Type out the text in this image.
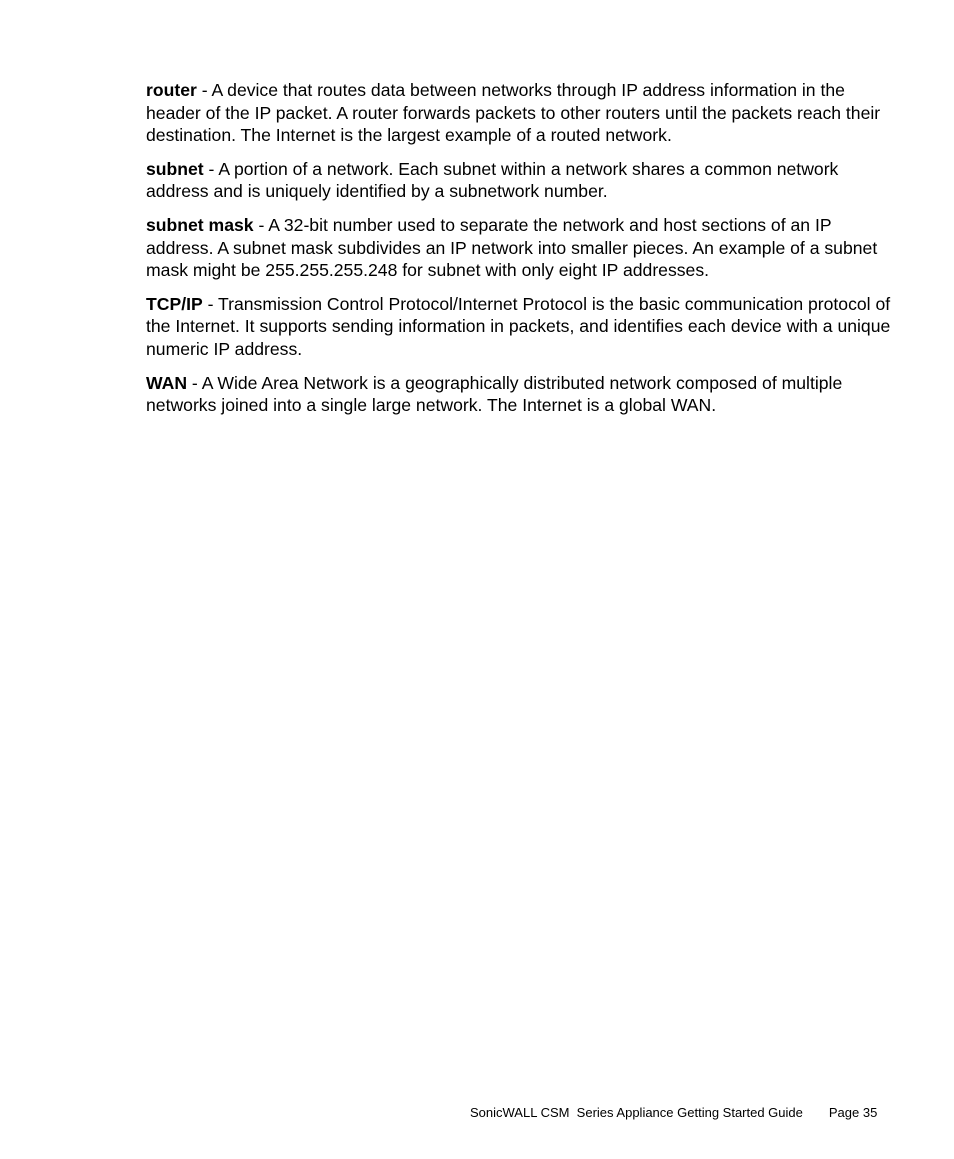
router - A device that routes data between networks through IP address information in the header of the IP packet. A router forwards packets to other routers until the packets reach their destination. The Internet is the largest example of a routed network.

subnet - A portion of a network. Each subnet within a network shares a common network address and is uniquely identified by a subnetwork number.

subnet mask - A 32-bit number used to separate the network and host sections of an IP address. A subnet mask subdivides an IP network into smaller pieces. An example of a subnet mask might be 255.255.255.248 for subnet with only eight IP addresses.

TCP/IP - Transmission Control Protocol/Internet Protocol is the basic communication protocol of the Internet. It supports sending information in packets, and identifies each device with a unique numeric IP address.

WAN - A Wide Area Network is a geographically distributed network composed of multiple networks joined into a single large network. The Internet is a global WAN.

SonicWALL CSM  Series Appliance Getting Started Guide Page 35
